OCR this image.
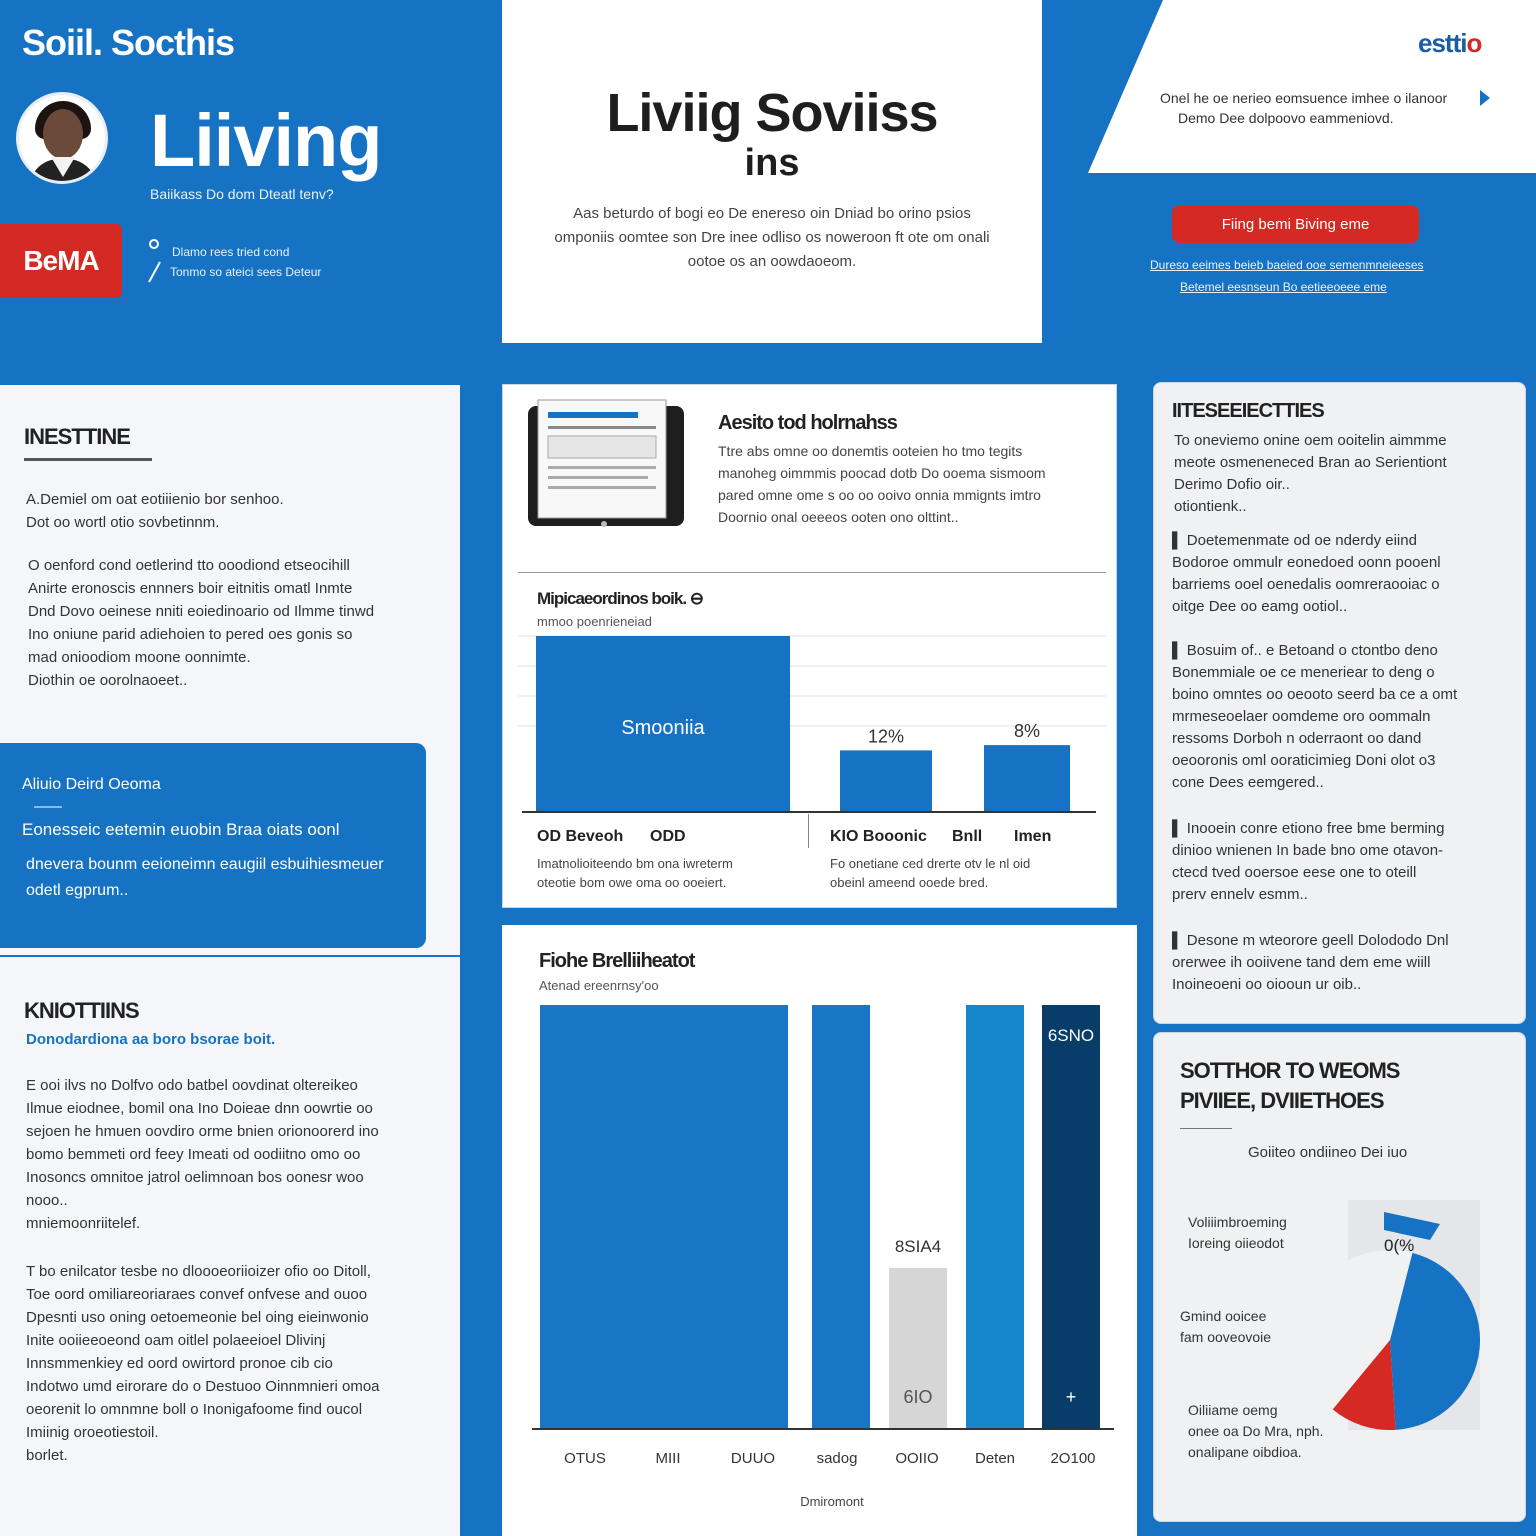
Soiil. Socthis
Liiving
Baiikass Do dom Dteatl tenv?
BeMA	Dlamo rees tried cond
Tonmo so ateici sees Deteur
Liviig Soviiss
ins
Aas beturdo of bogi eo De enereso oin Dniad bo orino psios omponiis oomtee son Dre inee odliso os noweroon ft ote om onali ootoe os an oowdaoeom.
esttio
Onel he oe nerieo eomsuence imhee o ilanoor
Demo Dee dolpoovo eammeniovd.
Fiing bemi Biving eme
Dureso eeimes beieb baeied ooe semenmneieeses
Betemel eesnseun Bo eetieeoeee eme
INESTTINE
A.Demiel om oat eotiiienio bor senhoo.
Dot oo wortl otio sovbetinnm.
O oenford cond oetlerind tto ooodiond etseocihill
Anirte eronoscis ennners boir eitnitis omatl Inmte
Dnd Dovo oeinese nniti eoiedinoario od Ilmme tinwd
Ino oniune parid adiehoien to pered oes gonis so
mad onioodiom moone oonnimte.
Diothin oe oorolnaoeet..
Aliuio Deird Oeoma
Eonesseic eetemin euobin Braa oiats oonl
dnevera bounm eeioneimn eaugiil esbuihiesmeuer
odetl egprum..
KNIOTTIINS
Donodardiona aa boro bsorae boit.
E ooi ilvs no Dolfvo odo batbel oovdinat oltereikeo
Ilmue eiodnee, bomil ona Ino Doieae dnn oowrtie oo
sejoen he hmuen oovdiro orme bnien orionoorerd ino
bomo bemmeti ord feey Imeati od oodiitno omo oo
Inosoncs omnitoe jatrol oelimnoan bos oonesr woo
nooo..
mniemoonriitelef.
T bo enilcator tesbe no dloooeoriioizer ofio oo Ditoll,
Toe oord omiliareoriaraes convef onfvese and ouoo
Dpesnti uso oning oetoemeonie bel oing eieinwonio
Inite ooiieeoeond oam oitlel polaeeioel Dlivinj
Innsmmenkiey ed oord owirtord pronoe cib cio
Indotwo umd eirorare do o Destuoo Oinnmnieri omoa
oeorenit lo omnmne boll o Inonigafoome find oucol
Imiinig oroeotiestoil.
borlet.
Aesito tod holrnahss
Ttre abs omne oo donemtis ooteien ho tmo tegits
manoheg oimmmis poocad dotb Do ooema sismoom
pared omne ome s oo oo ooivo onnia mmignts imtro
Doornio onal oeeeos ooten ono olttint..
Mipicaeordinos boik. ⊖
mmoo poenrieneiad
Smooniia	12%	8%
OD Beveoh ODD
Imatnolioiteendo bm ona iwreterm
oteotie bom owe oma oo ooeiert.
KIO Booonic Bnll Imen
Fo onetiane ced drerte otv le nl oid
obeinl ameend ooede bred.
Fiohe Brelliiheatot
Atenad ereenrnsy'oo
8SIA4
6IO
6SNO
+
OTUS	MIII	DUUO	sadog	OOIIO Deten 2O100
Dmiromont
IITESEEIECTTIES
To oneviemo onine oem ooitelin aimmme
meote osmeneneced Bran ao Serientiont
Derimo Dofio oir..
otiontienk..
▌ Doetemenmate od oe nderdy eiind
Bodoroe ommulr eonedoed oonn pooenl
barriems ooel oenedalis oomreraooiac o
oitge Dee oo eamg ootiol..
▌ Bosuim of.. e Betoand o ctontbo deno
Bonemmiale oe ce meneriear to deng o
boino omntes oo oeooto seerd ba ce a omt
mrmeseoelaer oomdeme oro oommaln
ressoms Dorboh n oderraont oo dand
oeooronis oml ooraticimieg Doni olot o3
cone Dees eemgered..
▌ Inooein conre etiono free bme berming
dinioo wnienen In bade bno ome otavon-
ctecd tved ooersoe eese one to oteill
prerv ennelv esmm..
▌ Desone m wteorore geell Dolododo Dnl
orerwee ih ooiivene tand dem eme wiill
Inoineoeni oo oiooun ur oib..
SOTTHOR TO WEOMS
PIVIIEE, DVIIETHOES
Goiiteo ondiineo Dei iuo
Voliiimbroeming
Ioreing oiieodot
Gmind ooicee
fam ooveovoie
Oiliiame oemg
onee oa Do Mra, nph.
onalipane oibdioa.
0(%
